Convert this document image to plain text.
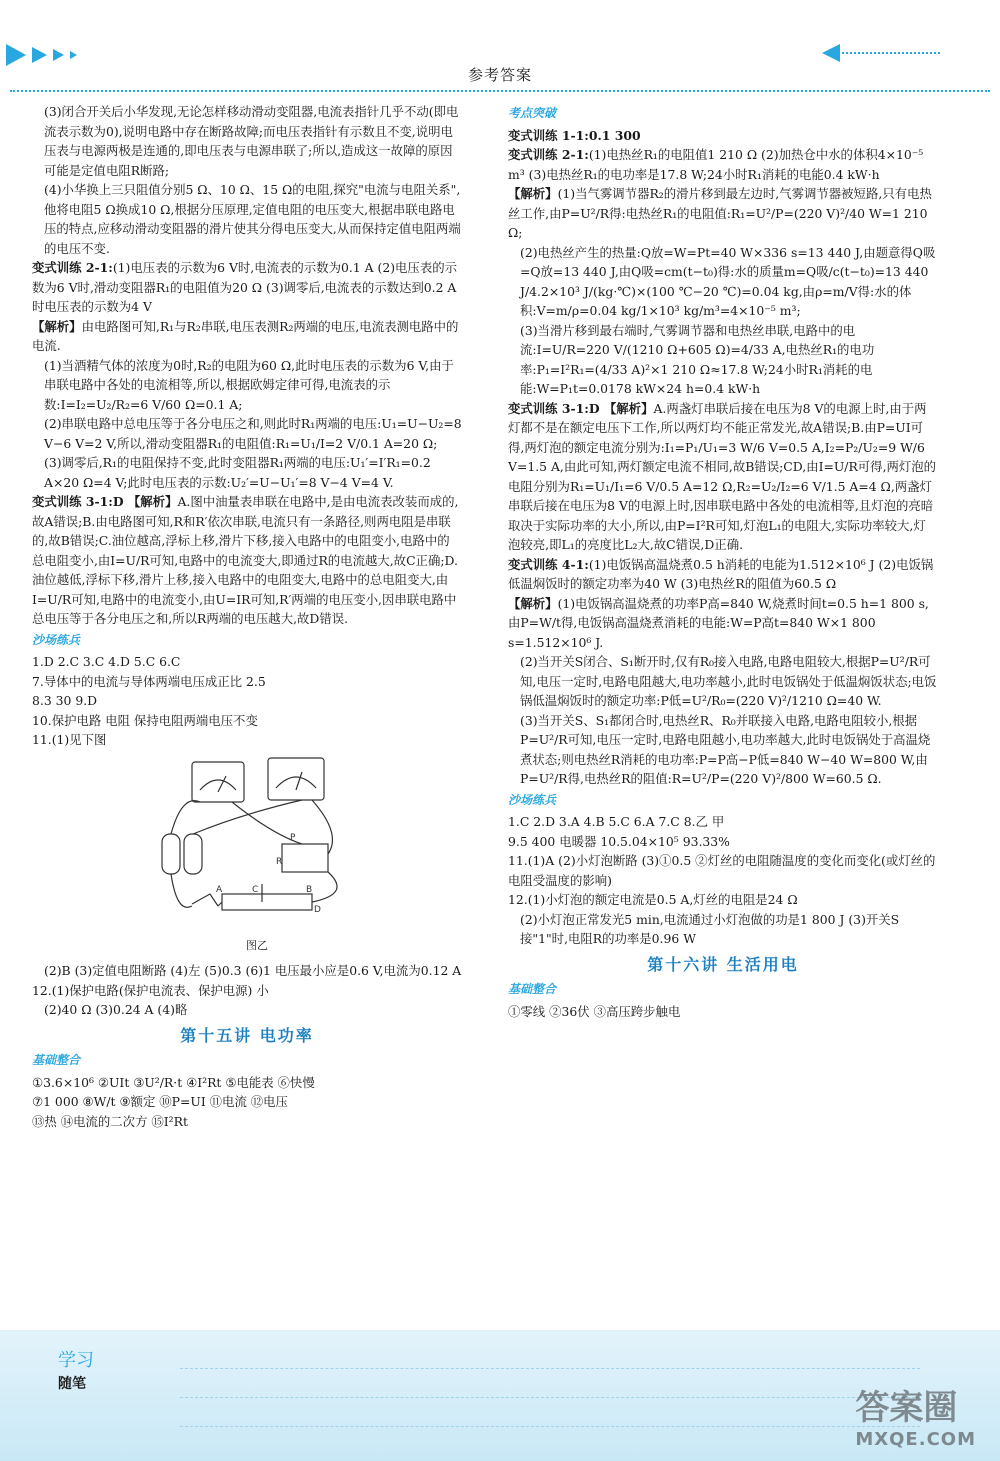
参考答案

(3)闭合开关后小华发现,无论怎样移动滑动变阻器,电流表指针几乎不动(即电流表示数为0),说明电路中存在断路故障;而电压表指针有示数且不变,说明电压表与电源两极是连通的,即电压表与电源串联了;所以,造成这一故障的原因可能是定值电阻R断路;

(4)小华换上三只阻值分别5 Ω、10 Ω、15 Ω的电阻,探究"电流与电阻关系",他将电阻5 Ω换成10 Ω,根据分压原理,定值电阻的电压变大,根据串联电路电压的特点,应移动滑动变阻器的滑片使其分得电压变大,从而保持定值电阻两端的电压不变.

变式训练 2-1:(1)电压表的示数为6 V时,电流表的示数为0.1 A (2)电压表的示数为6 V时,滑动变阻器R₁的电阻值为20 Ω (3)调零后,电流表的示数达到0.2 A时电压表的示数为4 V

【解析】由电路图可知,R₁与R₂串联,电压表测R₂两端的电压,电流表测电路中的电流.

(1)当酒精气体的浓度为0时,R₂的电阻为60 Ω,此时电压表的示数为6 V,由于串联电路中各处的电流相等,所以,根据欧姆定律可得,电流表的示数:I=I₂=U₂/R₂=6 V/60 Ω=0.1 A;

(2)串联电路中总电压等于各分电压之和,则此时R₁两端的电压:U₁=U−U₂=8 V−6 V=2 V,所以,滑动变阻器R₁的电阻值:R₁=U₁/I=2 V/0.1 A=20 Ω;

(3)调零后,R₁的电阻保持不变,此时变阻器R₁两端的电压:U₁′=I′R₁=0.2 A×20 Ω=4 V;此时电压表的示数:U₂′=U−U₁′=8 V−4 V=4 V.

变式训练 3-1:D 【解析】A.图中油量表串联在电路中,是由电流表改装而成的,故A错误;B.由电路图可知,R和R′依次串联,电流只有一条路径,则两电阻是串联的,故B错误;C.油位越高,浮标上移,滑片下移,接入电路中的电阻变小,电路中的总电阻变小,由I=U/R可知,电路中的电流变大,即通过R的电流越大,故C正确;D.油位越低,浮标下移,滑片上移,接入电路中的电阻变大,电路中的总电阻变大,由I=U/R可知,电路中的电流变小,由U=IR可知,R′两端的电压变小,因串联电路中总电压等于各分电压之和,所以R两端的电压越大,故D错误.

沙场练兵

1.D 2.C 3.C 4.D 5.C 6.C

7.导体中的电流与导体两端电压成正比 2.5

8.3 30 9.D

10.保护电路 电阻 保持电阻两端电压不变

11.(1)见下图

P
R
A	C	B
D
图乙

(2)B (3)定值电阻断路 (4)左 (5)0.3 (6)1 电压最小应是0.6 V,电流为0.12 A

12.(1)保护电路(保护电流表、保护电源) 小

(2)40 Ω (3)0.24 A (4)略

第十五讲 电功率
基础整合

①3.6×10⁶ ②UIt ③U²/R·t ④I²Rt ⑤电能表 ⑥快慢

⑦1 000 ⑧W/t ⑨额定 ⑩P=UI ⑪电流 ⑫电压

⑬热 ⑭电流的二次方 ⑮I²Rt

考点突破

变式训练 1-1:0.1 300

变式训练 2-1:(1)电热丝R₁的电阻值1 210 Ω (2)加热仓中水的体积4×10⁻⁵ m³ (3)电热丝R₁的电功率是17.8 W;24小时R₁消耗的电能0.4 kW·h

【解析】(1)当气雾调节器R₂的滑片移到最左边时,气雾调节器被短路,只有电热丝工作,由P=U²/R得:电热丝R₁的电阻值:R₁=U²/P=(220 V)²/40 W=1 210 Ω;

(2)电热丝产生的热量:Q放=W=Pt=40 W×336 s=13 440 J,由题意得Q吸=Q放=13 440 J,由Q吸=cm(t−t₀)得:水的质量m=Q吸/c(t−t₀)=13 440 J/4.2×10³ J/(kg·℃)×(100 ℃−20 ℃)=0.04 kg,由ρ=m/V得:水的体积:V=m/ρ=0.04 kg/1×10³ kg/m³=4×10⁻⁵ m³;

(3)当滑片移到最右端时,气雾调节器和电热丝串联,电路中的电流:I=U/R=220 V/(1210 Ω+605 Ω)=4/33 A,电热丝R₁的电功率:P₁=I²R₁=(4/33 A)²×1 210 Ω≈17.8 W;24小时R₁消耗的电能:W=P₁t=0.0178 kW×24 h=0.4 kW·h

变式训练 3-1:D 【解析】A.两盏灯串联后接在电压为8 V的电源上时,由于两灯都不是在额定电压下工作,所以两灯均不能正常发光,故A错误;B.由P=UI可得,两灯泡的额定电流分别为:I₁=P₁/U₁=3 W/6 V=0.5 A,I₂=P₂/U₂=9 W/6 V=1.5 A,由此可知,两灯额定电流不相同,故B错误;CD,由I=U/R可得,两灯泡的电阻分别为R₁=U₁/I₁=6 V/0.5 A=12 Ω,R₂=U₂/I₂=6 V/1.5 A=4 Ω,两盏灯串联后接在电压为8 V的电源上时,因串联电路中各处的电流相等,且灯泡的亮暗取决于实际功率的大小,所以,由P=I²R可知,灯泡L₁的电阻大,实际功率较大,灯泡较亮,即L₁的亮度比L₂大,故C错误,D正确.

变式训练 4-1:(1)电饭锅高温烧煮0.5 h消耗的电能为1.512×10⁶ J (2)电饭锅低温焖饭时的额定功率为40 W (3)电热丝R的阻值为60.5 Ω

【解析】(1)电饭锅高温烧煮的功率P高=840 W,烧煮时间t=0.5 h=1 800 s,由P=W/t得,电饭锅高温烧煮消耗的电能:W=P高t=840 W×1 800 s=1.512×10⁶ J.

(2)当开关S闭合、S₁断开时,仅有R₀接入电路,电路电阻较大,根据P=U²/R可知,电压一定时,电路电阻越大,电功率越小,此时电饭锅处于低温焖饭状态;电饭锅低温焖饭时的额定功率:P低=U²/R₀=(220 V)²/1210 Ω=40 W.

(3)当开关S、S₁都闭合时,电热丝R、R₀并联接入电路,电路电阻较小,根据P=U²/R可知,电压一定时,电路电阻越小,电功率越大,此时电饭锅处于高温烧煮状态;则电热丝R消耗的电功率:P=P高−P低=840 W−40 W=800 W,由P=U²/R得,电热丝R的阻值:R=U²/P=(220 V)²/800 W=60.5 Ω.

沙场练兵

1.C 2.D 3.A 4.B 5.C 6.A 7.C 8.乙 甲

9.5 400 电暖器 10.5.04×10⁵ 93.33%

11.(1)A (2)小灯泡断路 (3)①0.5 ②灯丝的电阻随温度的变化而变化(或灯丝的电阻受温度的影响)

12.(1)小灯泡的额定电流是0.5 A,灯丝的电阻是24 Ω

(2)小灯泡正常发光5 min,电流通过小灯泡做的功是1 800 J (3)开关S接"1"时,电阻R的功率是0.96 W

第十六讲 生活用电
基础整合

①零线 ②36伏 ③高压跨步触电

学习
随笔
答案圈
MXQE.COM
